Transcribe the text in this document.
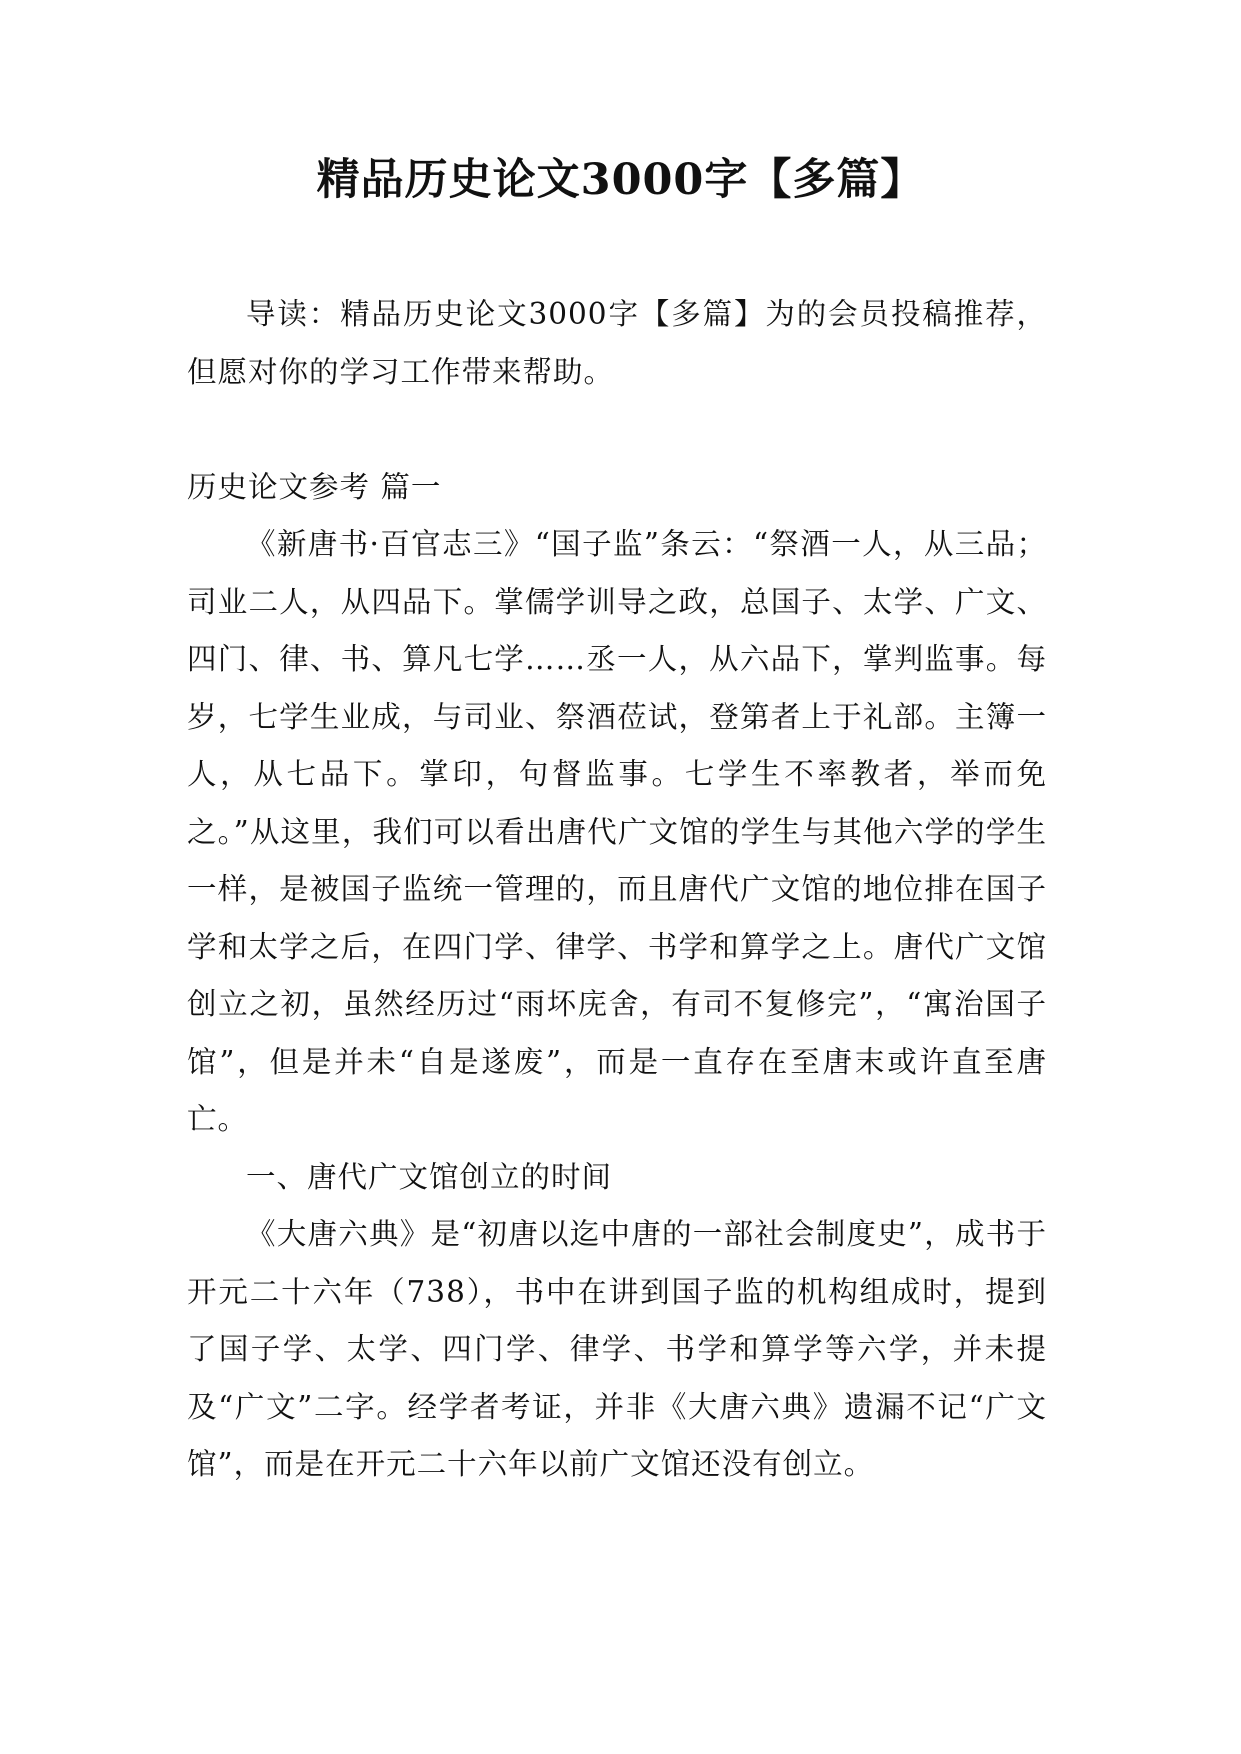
精品历史论文3000字【多篇】

导读：精品历史论文3000字【多篇】为的会员投稿推荐，但愿对你的学习工作带来帮助。

历史论文参考 篇一

《新唐书·百官志三》“国子监”条云：“祭酒一人，从三品；司业二人，从四品下。掌儒学训导之政，总国子、太学、广文、四门、律、书、算凡七学……丞一人，从六品下，掌判监事。每岁，七学生业成，与司业、祭酒莅试，登第者上于礼部。主簿一人，从七品下。掌印，句督监事。七学生不率教者，举而免之。”从这里，我们可以看出唐代广文馆的学生与其他六学的学生一样，是被国子监统一管理的，而且唐代广文馆的地位排在国子学和太学之后，在四门学、律学、书学和算学之上。唐代广文馆创立之初，虽然经历过“雨坏庑舍，有司不复修完”，“寓治国子馆”，但是并未“自是遂废”，而是一直存在至唐末或许直至唐亡。

一、唐代广文馆创立的时间

《大唐六典》是“初唐以迄中唐的一部社会制度史”，成书于开元二十六年（738），书中在讲到国子监的机构组成时，提到了国子学、太学、四门学、律学、书学和算学等六学，并未提及“广文”二字。经学者考证，并非《大唐六典》遗漏不记“广文馆”，而是在开元二十六年以前广文馆还没有创立。
